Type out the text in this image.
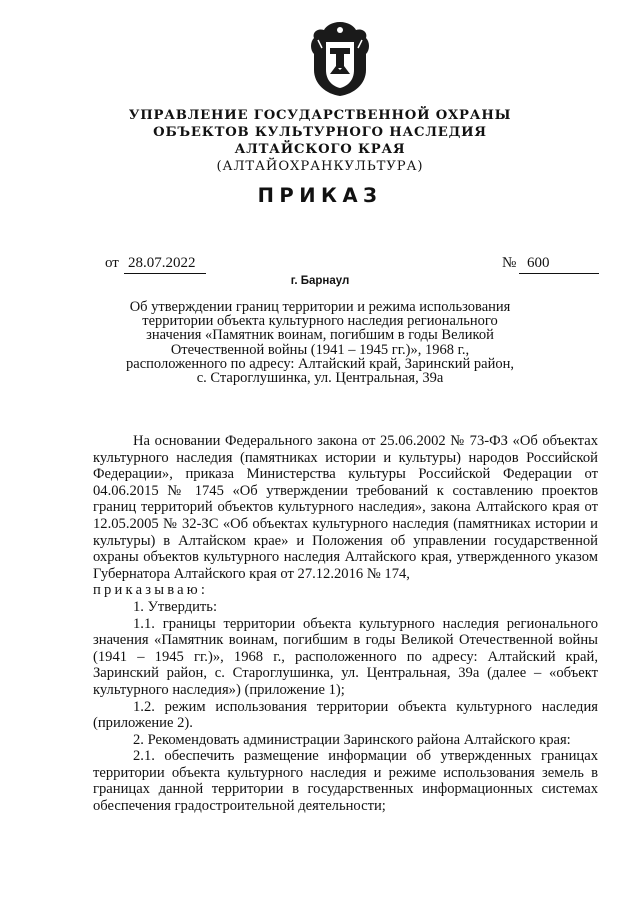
УПРАВЛЕНИЕ ГОСУДАРСТВЕННОЙ ОХРАНЫ
ОБЪЕКТОВ КУЛЬТУРНОГО НАСЛЕДИЯ
АЛТАЙСКОГО КРАЯ
(АЛТАЙОХРАНКУЛЬТУРА)
ПРИКАЗ
от 28.07.2022	№ 600
г. Барнаул
Об утверждении границ территории и режима использования
территории объекта культурного наследия регионального
значения «Памятник воинам, погибшим в годы Великой
Отечественной войны (1941 – 1945 гг.)», 1968 г.,
расположенного по адресу: Алтайский край, Заринский район,
с. Староглушинка, ул. Центральная, 39а

На основании Федерального закона от 25.06.2002 № 73-ФЗ «Об объектах культурного наследия (памятниках истории и культуры) народов Российской Федерации», приказа Министерства культуры Российской Федерации от 04.06.2015 № 1745 «Об утверждении требований к составлению проектов границ территорий объектов культурного наследия», закона Алтайского края от 12.05.2005 № 32-ЗС «Об объектах культурного наследия (памятниках истории и культуры) в Алтайском крае» и Положения об управлении государственной охраны объектов культурного наследия Алтайского края, утвержденного указом Губернатора Алтайского края от 27.12.2016 № 174,

приказываю:

1. Утвердить:

1.1. границы территории объекта культурного наследия регионального значения «Памятник воинам, погибшим в годы Великой Отечественной войны (1941 – 1945 гг.)», 1968 г., расположенного по адресу: Алтайский край, Заринский район, с. Староглушинка, ул. Центральная, 39а (далее – «объект культурного наследия») (приложение 1);

1.2. режим использования территории объекта культурного наследия (приложение 2).

2. Рекомендовать администрации Заринского района Алтайского края:

2.1. обеспечить размещение информации об утвержденных границах территории объекта культурного наследия и режиме использования земель в границах данной территории в государственных информационных системах обеспечения градостроительной деятельности;
